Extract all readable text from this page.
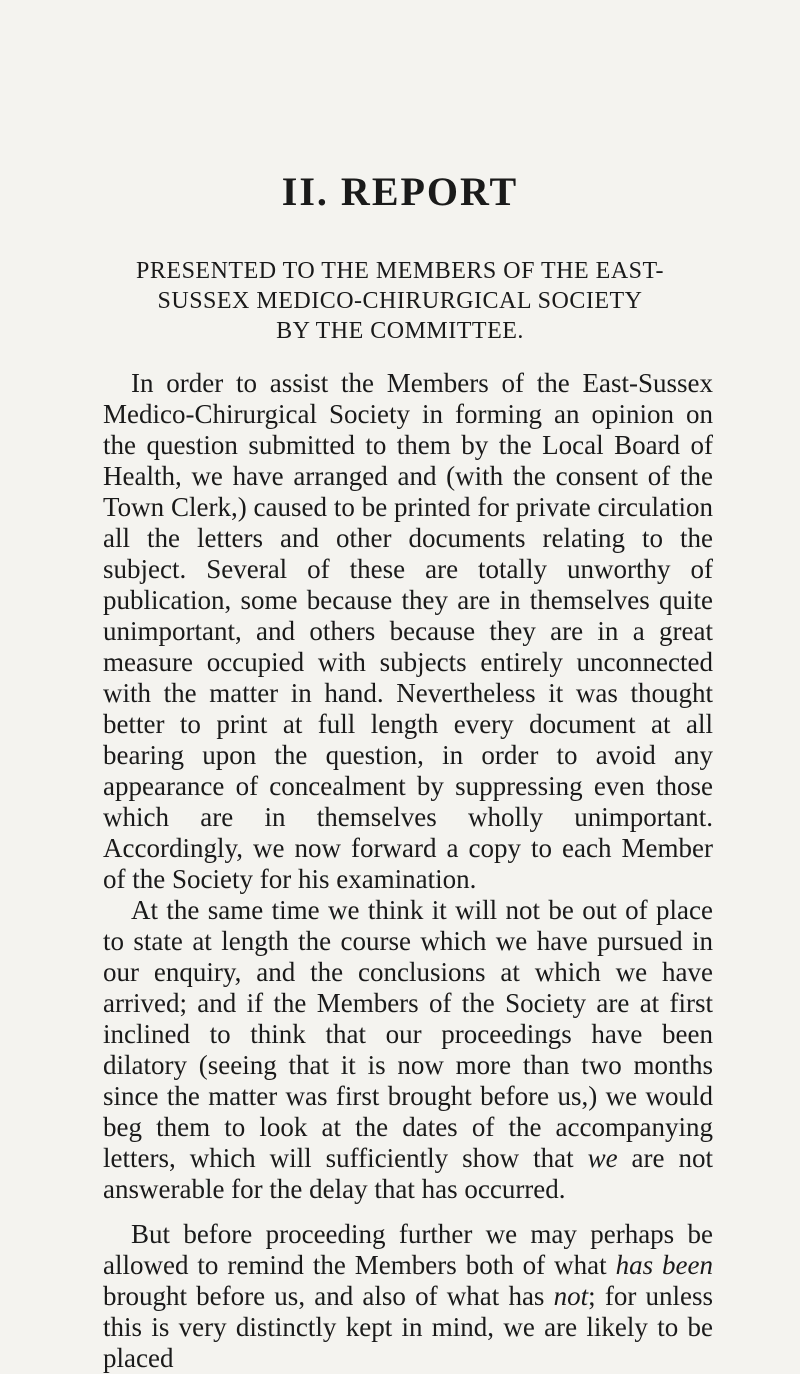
II. REPORT
PRESENTED TO THE MEMBERS OF THE EAST-
SUSSEX MEDICO-CHIRURGICAL SOCIETY
BY THE COMMITTEE.

In order to assist the Members of the East-Sussex Medico-Chirurgical Society in forming an opinion on the question submitted to them by the Local Board of Health, we have arranged and (with the consent of the Town Clerk,) caused to be printed for private circulation all the letters and other documents relating to the subject. Several of these are totally unworthy of publication, some because they are in themselves quite unimportant, and others because they are in a great measure occupied with subjects entirely unconnected with the matter in hand. Nevertheless it was thought better to print at full length every document at all bearing upon the question, in order to avoid any appearance of concealment by suppressing even those which are in themselves wholly unimportant. Accordingly, we now forward a copy to each Member of the Society for his examination.

At the same time we think it will not be out of place to state at length the course which we have pursued in our enquiry, and the conclusions at which we have arrived; and if the Members of the Society are at first inclined to think that our proceedings have been dilatory (seeing that it is now more than two months since the matter was first brought before us,) we would beg them to look at the dates of the accompanying letters, which will sufficiently show that we are not answerable for the delay that has occurred.

But before proceeding further we may perhaps be allowed to remind the Members both of what has been brought before us, and also of what has not; for unless this is very distinctly kept in mind, we are likely to be placed
